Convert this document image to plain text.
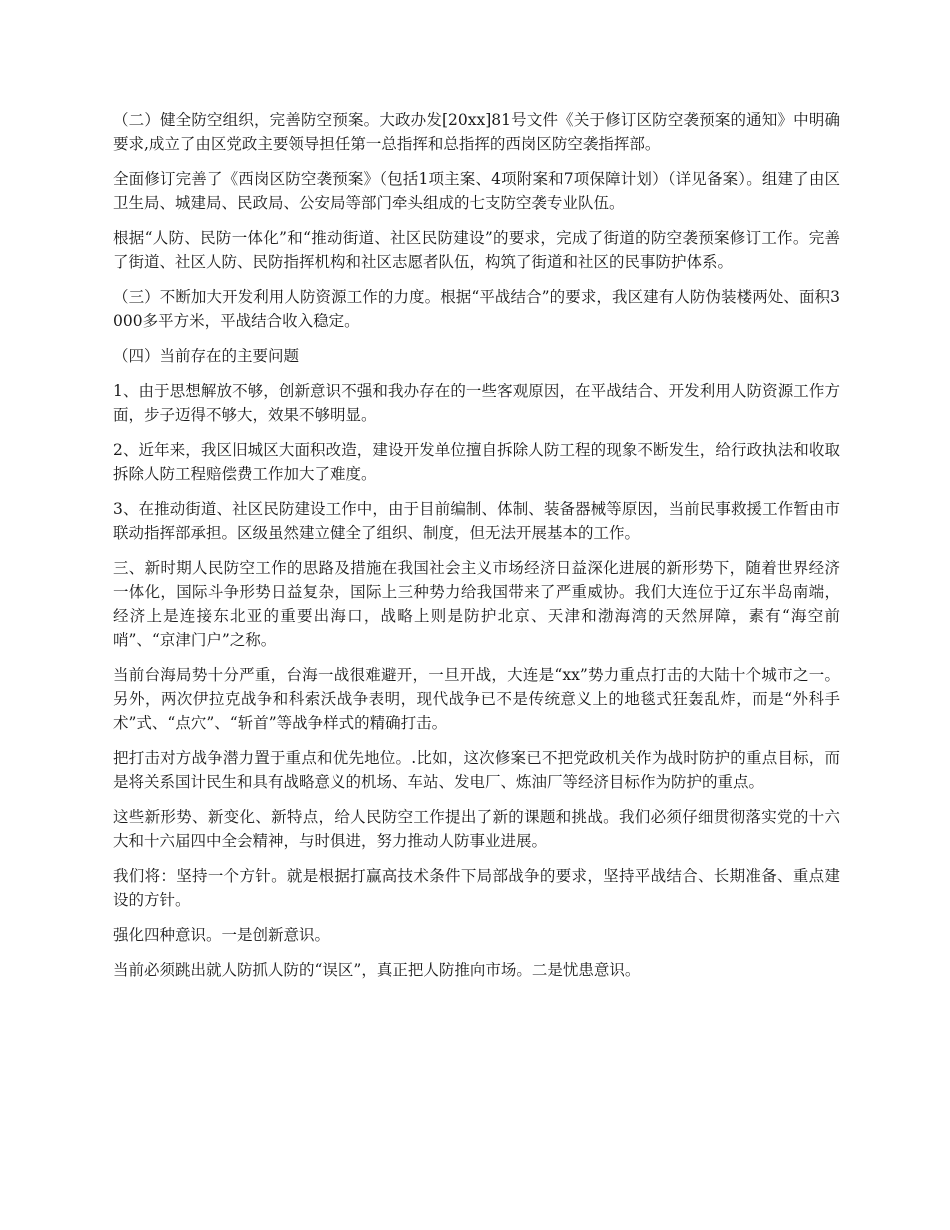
（二）健全防空组织，完善防空预案。大政办发[20xx]81号文件《关于修订区防空袭预案的通知》中明确要求,成立了由区党政主要领导担任第一总指挥和总指挥的西岗区防空袭指挥部。

全面修订完善了《西岗区防空袭预案》（包括1项主案、4项附案和7项保障计划）（详见备案）。组建了由区卫生局、城建局、民政局、公安局等部门牵头组成的七支防空袭专业队伍。

根据“人防、民防一体化”和“推动街道、社区民防建设”的要求，完成了街道的防空袭预案修订工作。完善了街道、社区人防、民防指挥机构和社区志愿者队伍，构筑了街道和社区的民事防护体系。

（三）不断加大开发利用人防资源工作的力度。根据“平战结合”的要求，我区建有人防伪装楼两处、面积3000多平方米，平战结合收入稳定。

（四）当前存在的主要问题

1、由于思想解放不够，创新意识不强和我办存在的一些客观原因，在平战结合、开发利用人防资源工作方面，步子迈得不够大，效果不够明显。

2、近年来，我区旧城区大面积改造，建设开发单位擅自拆除人防工程的现象不断发生，给行政执法和收取拆除人防工程赔偿费工作加大了难度。

3、在推动街道、社区民防建设工作中，由于目前编制、体制、装备器械等原因，当前民事救援工作暂由市联动指挥部承担。区级虽然建立健全了组织、制度，但无法开展基本的工作。

三、新时期人民防空工作的思路及措施在我国社会主义市场经济日益深化进展的新形势下，随着世界经济一体化，国际斗争形势日益复杂，国际上三种势力给我国带来了严重威协。我们大连位于辽东半岛南端，经济上是连接东北亚的重要出海口，战略上则是防护北京、天津和渤海湾的天然屏障，素有“海空前哨”、“京津门户”之称。

当前台海局势十分严重，台海一战很难避开，一旦开战，大连是“xx”势力重点打击的大陆十个城市之一。另外，两次伊拉克战争和科索沃战争表明，现代战争已不是传统意义上的地毯式狂轰乱炸，而是“外科手术”式、“点穴”、“斩首”等战争样式的精确打击。

把打击对方战争潜力置于重点和优先地位。.比如，这次修案已不把党政机关作为战时防护的重点目标，而是将关系国计民生和具有战略意义的机场、车站、发电厂、炼油厂等经济目标作为防护的重点。

这些新形势、新变化、新特点，给人民防空工作提出了新的课题和挑战。我们必须仔细贯彻落实党的十六大和十六届四中全会精神，与时俱进，努力推动人防事业进展。

我们将：坚持一个方针。就是根据打赢高技术条件下局部战争的要求，坚持平战结合、长期准备、重点建设的方针。

强化四种意识。一是创新意识。

当前必须跳出就人防抓人防的“误区”，真正把人防推向市场。二是忧患意识。
